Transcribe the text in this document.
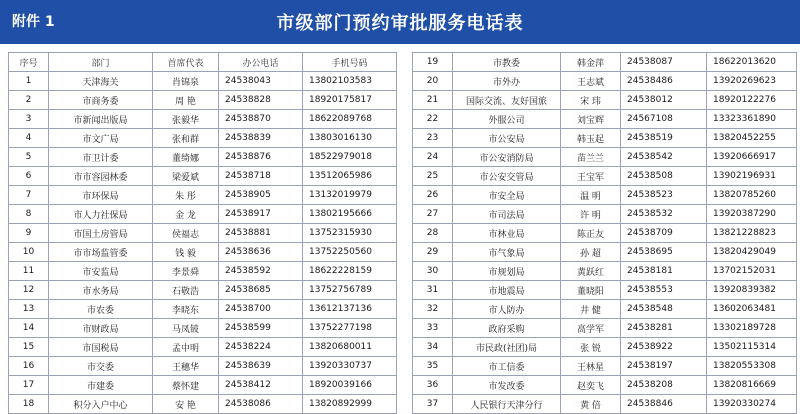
附件 1	市级部门预约审批服务电话表
序号	部门	首席代表	办公电话	手机号码
1	天津海关	肖锦泉	24538043	13802103583
2	市商务委	周 艳	24538828	18920175817
3	市新闻出版局	张毅华	24538870	18622089768
4	市文广局	张和群	24538839	13803016130
5	市卫计委	董绮娜	24538876	18522979018
6	市市容园林委	梁爱斌	24538718	13512065986
7	市环保局	朱 彤	24538905	13132019979
8	市人力社保局	金 龙	24538917	13802195666
9	市国土房管局	侯福志	24538881	13752315930
10	市市场监管委	钱 毅	24538636	13752250560
11	市安监局	李景舜	24538592	18622228159
12	市水务局	石敬浩	24538685	13752756789
13	市农委	李晓东	24538700	13612137136
14	市财政局	马凤铍	24538599	13752277198
15	市国税局	孟中明	24538224	13820680011
16	市交委	王穗华	24538639	13920330737
17	市建委	蔡怀建	24538412	18920039166
18	积分入户中心	安 艳	24538086	13820892999
19	市教委	韩金萍	24538087	18622013620
20	市外办	王志斌	24538486	13920269623
21	国际交流、友好国旅	宋 玮	24538012	18920122276
22	外服公司	刘宝辉	24567108	13323361890
23	市公安局	韩玉起	24538519	13820452255
24	市公安消防局	苗兰兰	24538542	13920666917
25	市公安交管局	王宝军	24538508	13902196931
26	市安全局	温 明	24538523	13820785260
27	市司法局	许 明	24538532	13920387290
28	市林业局	陈正友	24538709	13821228823
29	市气象局	孙 超	24538695	13820429049
30	市规划局	黄跃红	24538181	13702152031
31	市地震局	董晓阳	24538553	13920839382
32	市人防办	井 健	24538548	13602063481
33	政府采购	高学军	24538281	13302189728
34	市民政(社团)局	张 锐	24538922	13502115314
35	市工信委	王林星	24538197	13820553308
36	市发改委	赵奕飞	24538208	13820816669
37	人民银行天津分行	黄 倍	24538846	13920330274
